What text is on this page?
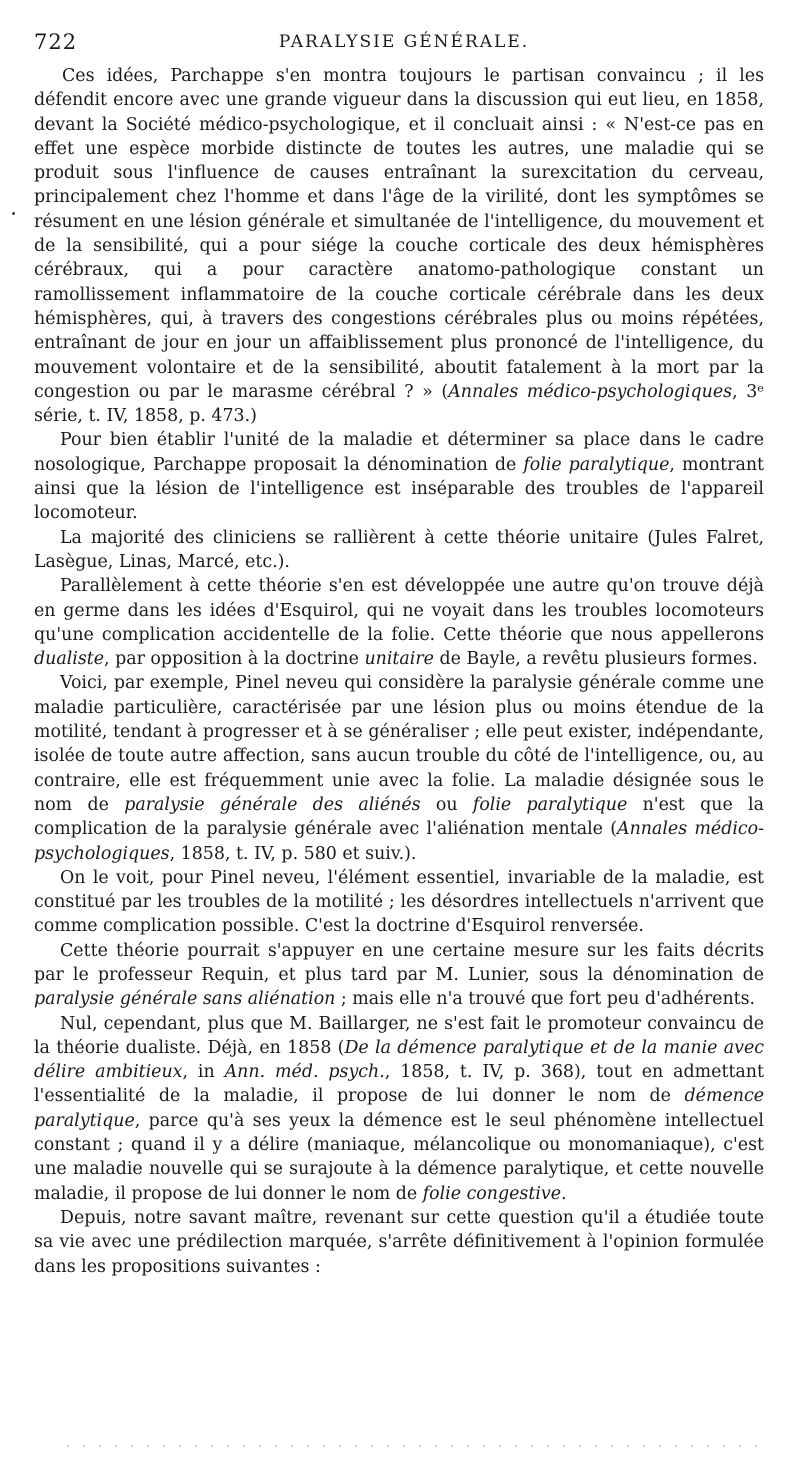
722	PARALYSIE GÉNÉRALE.

Ces idées, Parchappe s'en montra toujours le partisan convaincu ; il les défendit encore avec une grande vigueur dans la discussion qui eut lieu, en 1858, devant la Société médico-psychologique, et il concluait ainsi : « N'est-ce pas en effet une espèce morbide distincte de toutes les autres, une maladie qui se produit sous l'influence de causes entraînant la surexcitation du cerveau, principalement chez l'homme et dans l'âge de la virilité, dont les symptômes se résument en une lésion générale et simultanée de l'intelligence, du mouvement et de la sensibilité, qui a pour siége la couche corticale des deux hémisphères cérébraux, qui a pour caractère anatomo-pathologique constant un ramollissement inflammatoire de la couche corticale cérébrale dans les deux hémisphères, qui, à travers des congestions cérébrales plus ou moins répétées, entraînant de jour en jour un affaiblissement plus prononcé de l'intelligence, du mouvement volontaire et de la sensibilité, aboutit fatalement à la mort par la congestion ou par le marasme cérébral ? » (Annales médico-psychologiques, 3ᵉ série, t. IV, 1858, p. 473.)

Pour bien établir l'unité de la maladie et déterminer sa place dans le cadre nosologique, Parchappe proposait la dénomination de folie paralytique, montrant ainsi que la lésion de l'intelligence est inséparable des troubles de l'appareil locomoteur.

La majorité des cliniciens se rallièrent à cette théorie unitaire (Jules Falret, Lasègue, Linas, Marcé, etc.).

Parallèlement à cette théorie s'en est développée une autre qu'on trouve déjà en germe dans les idées d'Esquirol, qui ne voyait dans les troubles locomoteurs qu'une complication accidentelle de la folie. Cette théorie que nous appellerons dualiste, par opposition à la doctrine unitaire de Bayle, a revêtu plusieurs formes.

Voici, par exemple, Pinel neveu qui considère la paralysie générale comme une maladie particulière, caractérisée par une lésion plus ou moins étendue de la motilité, tendant à progresser et à se généraliser ; elle peut exister, indépendante, isolée de toute autre affection, sans aucun trouble du côté de l'intelligence, ou, au contraire, elle est fréquemment unie avec la folie. La maladie désignée sous le nom de paralysie générale des aliénés ou folie paralytique n'est que la complication de la paralysie générale avec l'aliénation mentale (Annales médico-psychologiques, 1858, t. IV, p. 580 et suiv.).

On le voit, pour Pinel neveu, l'élément essentiel, invariable de la maladie, est constitué par les troubles de la motilité ; les désordres intellectuels n'arrivent que comme complication possible. C'est la doctrine d'Esquirol renversée.

Cette théorie pourrait s'appuyer en une certaine mesure sur les faits décrits par le professeur Requin, et plus tard par M. Lunier, sous la dénomination de paralysie générale sans aliénation ; mais elle n'a trouvé que fort peu d'adhérents.

Nul, cependant, plus que M. Baillarger, ne s'est fait le promoteur convaincu de la théorie dualiste. Déjà, en 1858 (De la démence paralytique et de la manie avec délire ambitieux, in Ann. méd. psych., 1858, t. IV, p. 368), tout en admettant l'essentialité de la maladie, il propose de lui donner le nom de démence paralytique, parce qu'à ses yeux la démence est le seul phénomène intellectuel constant ; quand il y a délire (maniaque, mélancolique ou monomaniaque), c'est une maladie nouvelle qui se surajoute à la démence paralytique, et cette nouvelle maladie, il propose de lui donner le nom de folie congestive.

Depuis, notre savant maître, revenant sur cette question qu'il a étudiée toute sa vie avec une prédilection marquée, s'arrête définitivement à l'opinion formulée dans les propositions suivantes :
